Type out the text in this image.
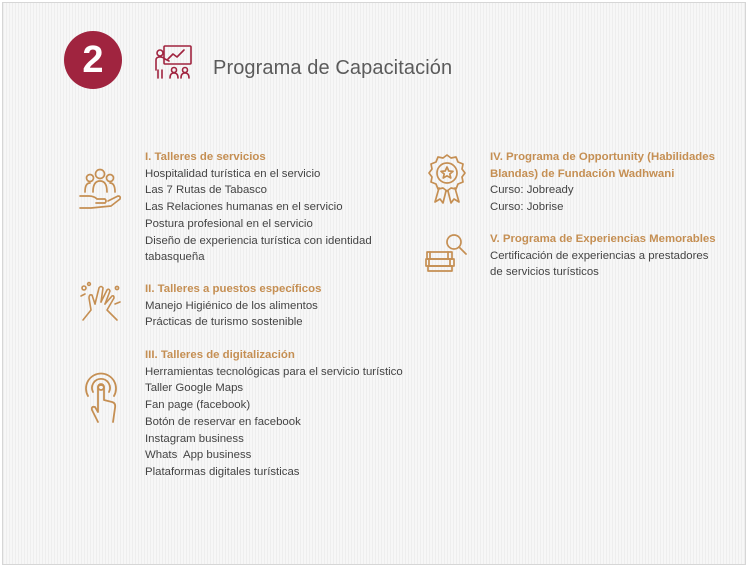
2	Programa de Capacitación
I. Talleres de servicios
Hospitalidad turística en el servicio
Las 7 Rutas de Tabasco
Las Relaciones humanas en el servicio
Postura profesional en el servicio
Diseño de experiencia turística con identidad
tabasqueña
II. Talleres a puestos específicos
Manejo Higiénico de los alimentos
Prácticas de turismo sostenible
III. Talleres de digitalización
Herramientas tecnológicas para el servicio turístico
Taller Google Maps
Fan page (facebook)
Botón de reservar en facebook
Instagram business
Whats  App business
Plataformas digitales turísticas
IV. Programa de Opportunity (Habilidades
Blandas) de Fundación Wadhwani
Curso: Jobready
Curso: Jobrise
V. Programa de Experiencias Memorables
Certificación de experiencias a prestadores
de servicios turísticos
